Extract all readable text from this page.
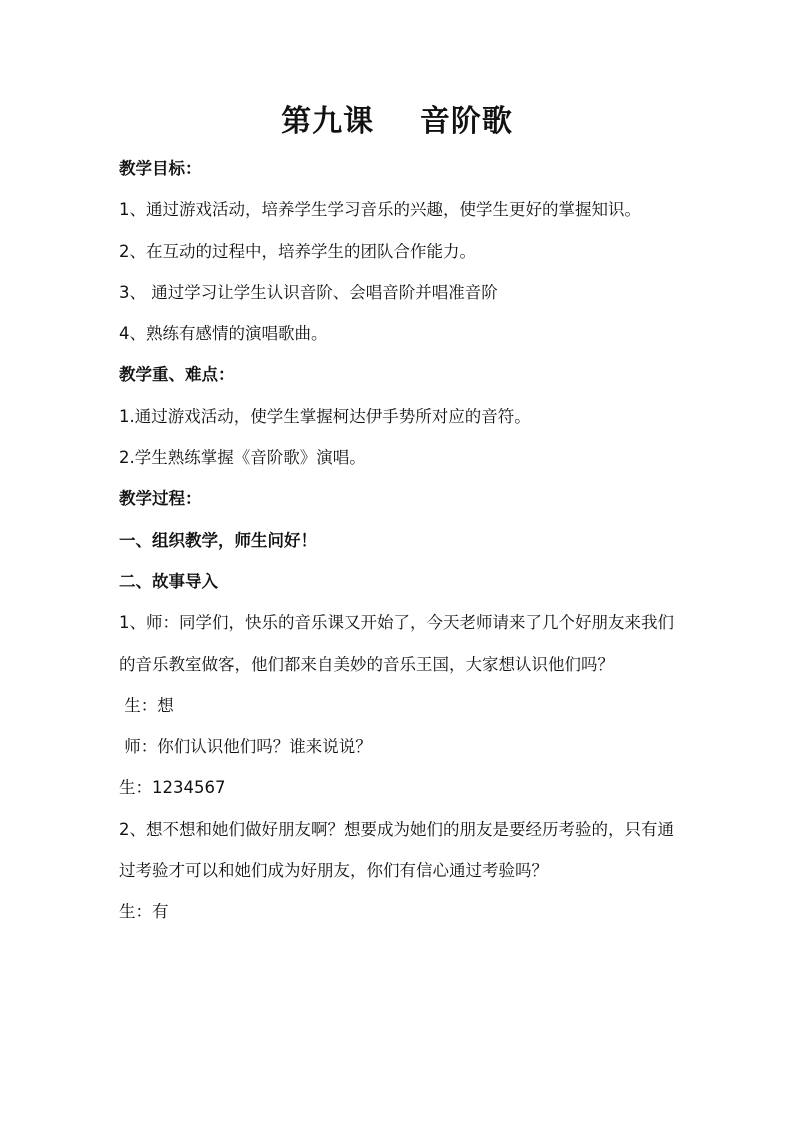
第九课    音阶歌

教学目标：

1、通过游戏活动，培养学生学习音乐的兴趣，使学生更好的掌握知识。

2、在互动的过程中，培养学生的团队合作能力。

3、 通过学习让学生认识音阶、会唱音阶并唱准音阶

4、熟练有感情的演唱歌曲。

教学重、难点：

1.通过游戏活动，使学生掌握柯达伊手势所对应的音符。

2.学生熟练掌握《音阶歌》演唱。

教学过程：

一、组织教学，师生问好！

二、故事导入

1、师：同学们，快乐的音乐课又开始了，今天老师请来了几个好朋友来我们的音乐教室做客，他们都来自美妙的音乐王国，大家想认识他们吗？

生：想

师：你们认识他们吗？谁来说说？

生：1234567

2、想不想和她们做好朋友啊？想要成为她们的朋友是要经历考验的，只有通过考验才可以和她们成为好朋友，你们有信心通过考验吗？

生：有
